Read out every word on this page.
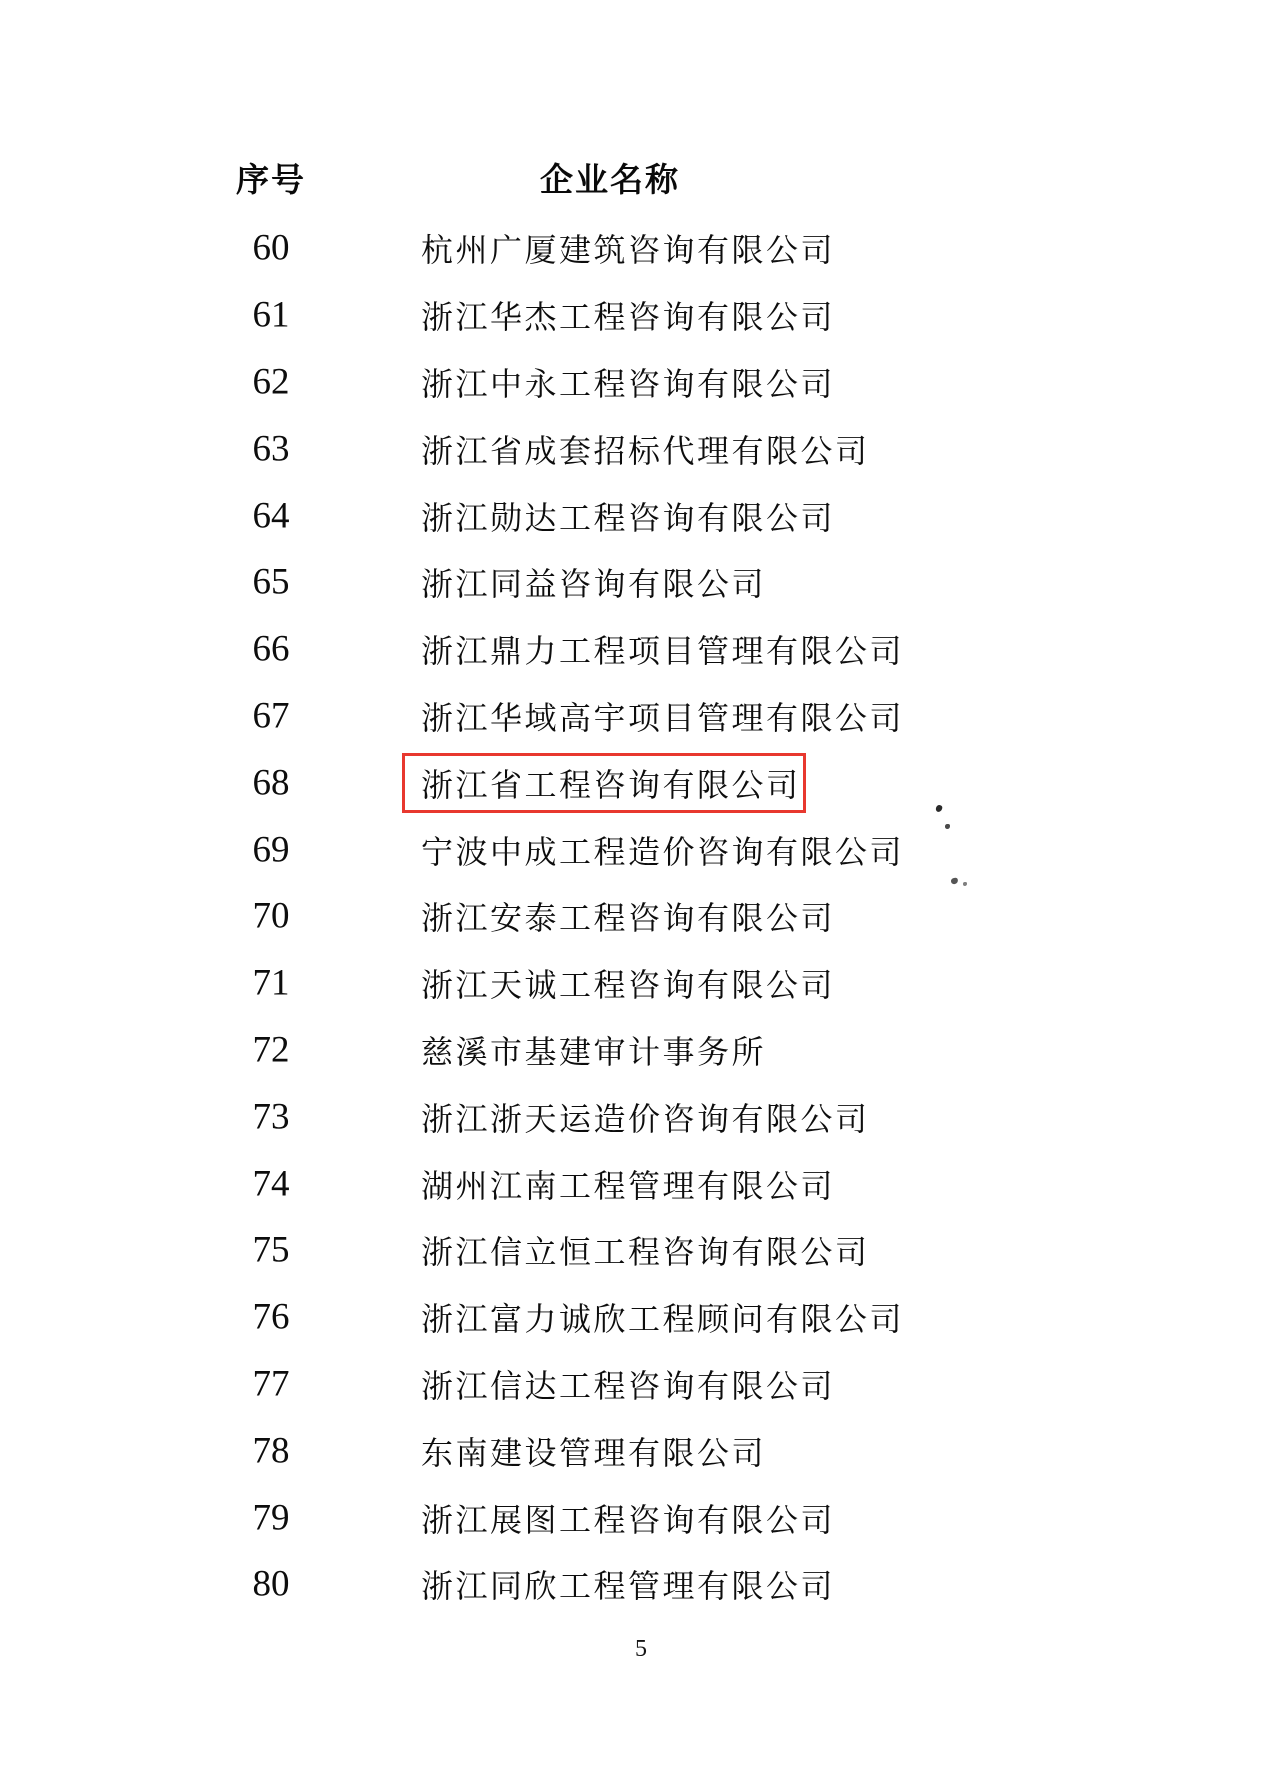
序号	企业名称
60	杭州广厦建筑咨询有限公司
61	浙江华杰工程咨询有限公司
62	浙江中永工程咨询有限公司
63	浙江省成套招标代理有限公司
64	浙江勋达工程咨询有限公司
65	浙江同益咨询有限公司
66	浙江鼎力工程项目管理有限公司
67	浙江华域高宇项目管理有限公司
68	浙江省工程咨询有限公司
69	宁波中成工程造价咨询有限公司
70	浙江安泰工程咨询有限公司
71	浙江天诚工程咨询有限公司
72	慈溪市基建审计事务所
73	浙江浙天运造价咨询有限公司
74	湖州江南工程管理有限公司
75	浙江信立恒工程咨询有限公司
76	浙江富力诚欣工程顾问有限公司
77	浙江信达工程咨询有限公司
78	东南建设管理有限公司
79	浙江展图工程咨询有限公司
80	浙江同欣工程管理有限公司
5
